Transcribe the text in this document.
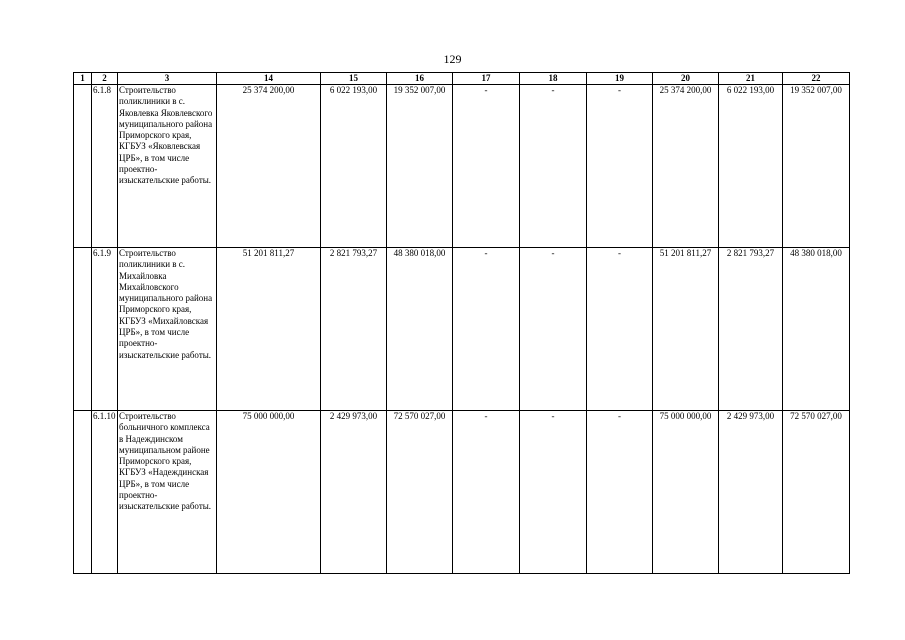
129
1	2	3	14	15	16	17	18	19	20	21	22
	6.1.8	Строительство поликлиники в с. Яковлевка Яковлевского муниципального района Приморского края, КГБУЗ «Яковлевская ЦРБ», в том числе проектно-изыскательские работы.	25 374 200,00	6 022 193,00	19 352 007,00	-	-	-	25 374 200,00	6 022 193,00	19 352 007,00
	6.1.9	Строительство поликлиники в с. Михайловка Михайловского муниципального района Приморского края, КГБУЗ «Михайловская ЦРБ», в том числе проектно-изыскательские работы.	51 201 811,27	2 821 793,27	48 380 018,00	-	-	-	51 201 811,27	2 821 793,27	48 380 018,00
	6.1.10	Строительство больничного комплекса в Надеждинском муниципальном районе Приморского края, КГБУЗ «Надеждинская ЦРБ», в том числе проектно-изыскательские работы.	75 000 000,00	2 429 973,00	72 570 027,00	-	-	-	75 000 000,00	2 429 973,00	72 570 027,00
